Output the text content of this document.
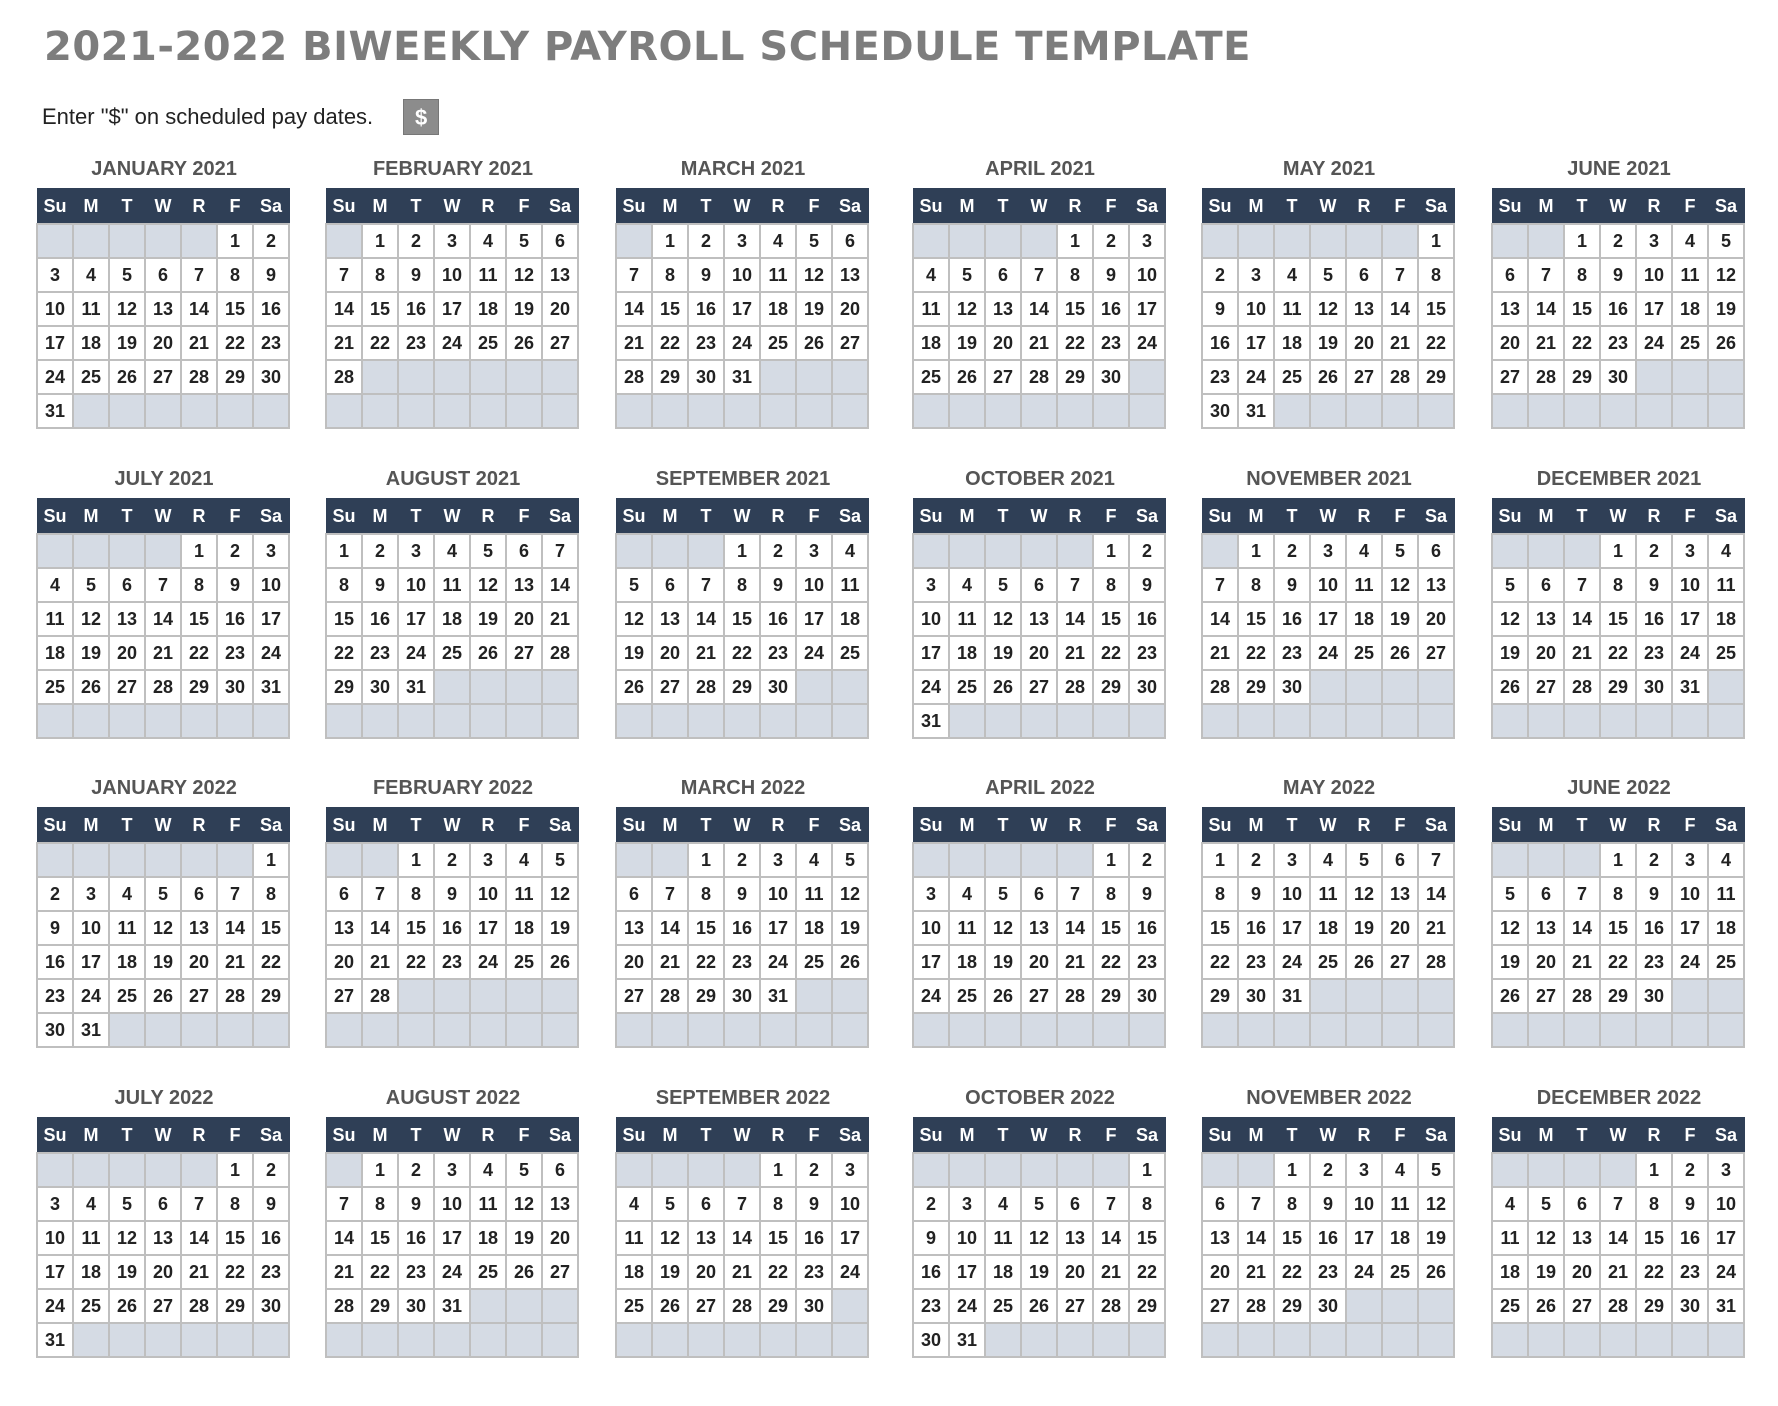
2021-2022 BIWEEKLY PAYROLL SCHEDULE TEMPLATE
Enter "$" on scheduled pay dates.	$
JANUARY 2021
Su	M	T	W	R	F	Sa
					1	2
3	4	5	6	7	8	9
10	11	12	13	14	15	16
17	18	19	20	21	22	23
24	25	26	27	28	29	30
31						
FEBRUARY 2021
Su	M	T	W	R	F	Sa
	1	2	3	4	5	6
7	8	9	10	11	12	13
14	15	16	17	18	19	20
21	22	23	24	25	26	27
28						

MARCH 2021
Su	M	T	W	R	F	Sa
	1	2	3	4	5	6
7	8	9	10	11	12	13
14	15	16	17	18	19	20
21	22	23	24	25	26	27
28	29	30	31			

APRIL 2021
Su	M	T	W	R	F	Sa
				1	2	3
4	5	6	7	8	9	10
11	12	13	14	15	16	17
18	19	20	21	22	23	24
25	26	27	28	29	30	

MAY 2021
Su	M	T	W	R	F	Sa
						1
2	3	4	5	6	7	8
9	10	11	12	13	14	15
16	17	18	19	20	21	22
23	24	25	26	27	28	29
30	31					
JUNE 2021
Su	M	T	W	R	F	Sa
		1	2	3	4	5
6	7	8	9	10	11	12
13	14	15	16	17	18	19
20	21	22	23	24	25	26
27	28	29	30			

JULY 2021
Su	M	T	W	R	F	Sa
				1	2	3
4	5	6	7	8	9	10
11	12	13	14	15	16	17
18	19	20	21	22	23	24
25	26	27	28	29	30	31

AUGUST 2021
Su	M	T	W	R	F	Sa
1	2	3	4	5	6	7
8	9	10	11	12	13	14
15	16	17	18	19	20	21
22	23	24	25	26	27	28
29	30	31				

SEPTEMBER 2021
Su	M	T	W	R	F	Sa
			1	2	3	4
5	6	7	8	9	10	11
12	13	14	15	16	17	18
19	20	21	22	23	24	25
26	27	28	29	30		

OCTOBER 2021
Su	M	T	W	R	F	Sa
					1	2
3	4	5	6	7	8	9
10	11	12	13	14	15	16
17	18	19	20	21	22	23
24	25	26	27	28	29	30
31						
NOVEMBER 2021
Su	M	T	W	R	F	Sa
	1	2	3	4	5	6
7	8	9	10	11	12	13
14	15	16	17	18	19	20
21	22	23	24	25	26	27
28	29	30				

DECEMBER 2021
Su	M	T	W	R	F	Sa
			1	2	3	4
5	6	7	8	9	10	11
12	13	14	15	16	17	18
19	20	21	22	23	24	25
26	27	28	29	30	31	

JANUARY 2022
Su	M	T	W	R	F	Sa
						1
2	3	4	5	6	7	8
9	10	11	12	13	14	15
16	17	18	19	20	21	22
23	24	25	26	27	28	29
30	31					
FEBRUARY 2022
Su	M	T	W	R	F	Sa
		1	2	3	4	5
6	7	8	9	10	11	12
13	14	15	16	17	18	19
20	21	22	23	24	25	26
27	28					

MARCH 2022
Su	M	T	W	R	F	Sa
		1	2	3	4	5
6	7	8	9	10	11	12
13	14	15	16	17	18	19
20	21	22	23	24	25	26
27	28	29	30	31		

APRIL 2022
Su	M	T	W	R	F	Sa
					1	2
3	4	5	6	7	8	9
10	11	12	13	14	15	16
17	18	19	20	21	22	23
24	25	26	27	28	29	30

MAY 2022
Su	M	T	W	R	F	Sa
1	2	3	4	5	6	7
8	9	10	11	12	13	14
15	16	17	18	19	20	21
22	23	24	25	26	27	28
29	30	31				

JUNE 2022
Su	M	T	W	R	F	Sa
			1	2	3	4
5	6	7	8	9	10	11
12	13	14	15	16	17	18
19	20	21	22	23	24	25
26	27	28	29	30		

JULY 2022
Su	M	T	W	R	F	Sa
					1	2
3	4	5	6	7	8	9
10	11	12	13	14	15	16
17	18	19	20	21	22	23
24	25	26	27	28	29	30
31						
AUGUST 2022
Su	M	T	W	R	F	Sa
	1	2	3	4	5	6
7	8	9	10	11	12	13
14	15	16	17	18	19	20
21	22	23	24	25	26	27
28	29	30	31			

SEPTEMBER 2022
Su	M	T	W	R	F	Sa
				1	2	3
4	5	6	7	8	9	10
11	12	13	14	15	16	17
18	19	20	21	22	23	24
25	26	27	28	29	30	

OCTOBER 2022
Su	M	T	W	R	F	Sa
						1
2	3	4	5	6	7	8
9	10	11	12	13	14	15
16	17	18	19	20	21	22
23	24	25	26	27	28	29
30	31					
NOVEMBER 2022
Su	M	T	W	R	F	Sa
		1	2	3	4	5
6	7	8	9	10	11	12
13	14	15	16	17	18	19
20	21	22	23	24	25	26
27	28	29	30			

DECEMBER 2022
Su	M	T	W	R	F	Sa
				1	2	3
4	5	6	7	8	9	10
11	12	13	14	15	16	17
18	19	20	21	22	23	24
25	26	27	28	29	30	31
